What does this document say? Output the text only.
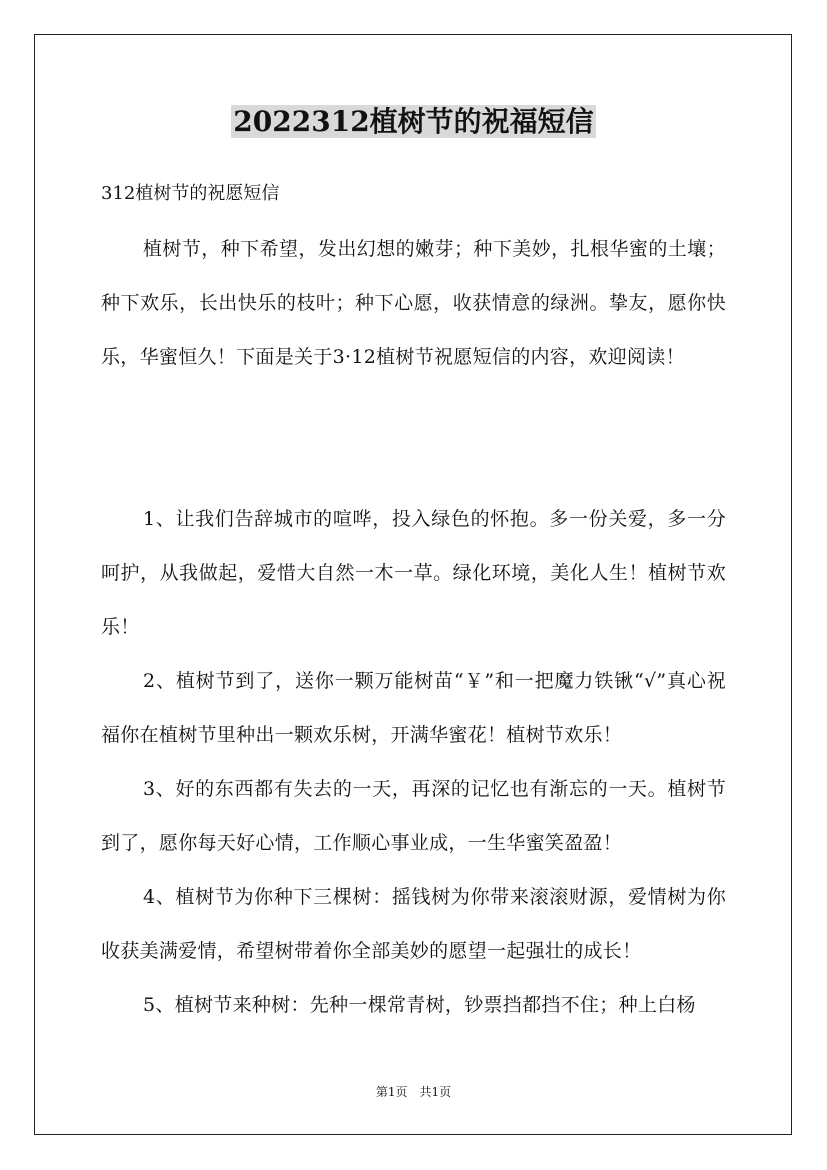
2022312植树节的祝福短信

312植树节的祝愿短信

植树节，种下希望，发出幻想的嫩芽；种下美妙，扎根华蜜的土壤；种下欢乐，长出快乐的枝叶；种下心愿，收获情意的绿洲。挚友，愿你快乐，华蜜恒久！下面是关于3·12植树节祝愿短信的内容，欢迎阅读！

1、让我们告辞城市的喧哗，投入绿色的怀抱。多一份关爱，多一分呵护，从我做起，爱惜大自然一木一草。绿化环境，美化人生！植树节欢乐！

2、植树节到了，送你一颗万能树苗“￥”和一把魔力铁锹“√”真心祝福你在植树节里种出一颗欢乐树，开满华蜜花！植树节欢乐！

3、好的东西都有失去的一天，再深的记忆也有渐忘的一天。植树节到了，愿你每天好心情，工作顺心事业成，一生华蜜笑盈盈！

4、植树节为你种下三棵树：摇钱树为你带来滚滚财源，爱情树为你收获美满爱情，希望树带着你全部美妙的愿望一起强壮的成长！

5、植树节来种树：先种一棵常青树，钞票挡都挡不住；种上白杨

第1页　共1页
